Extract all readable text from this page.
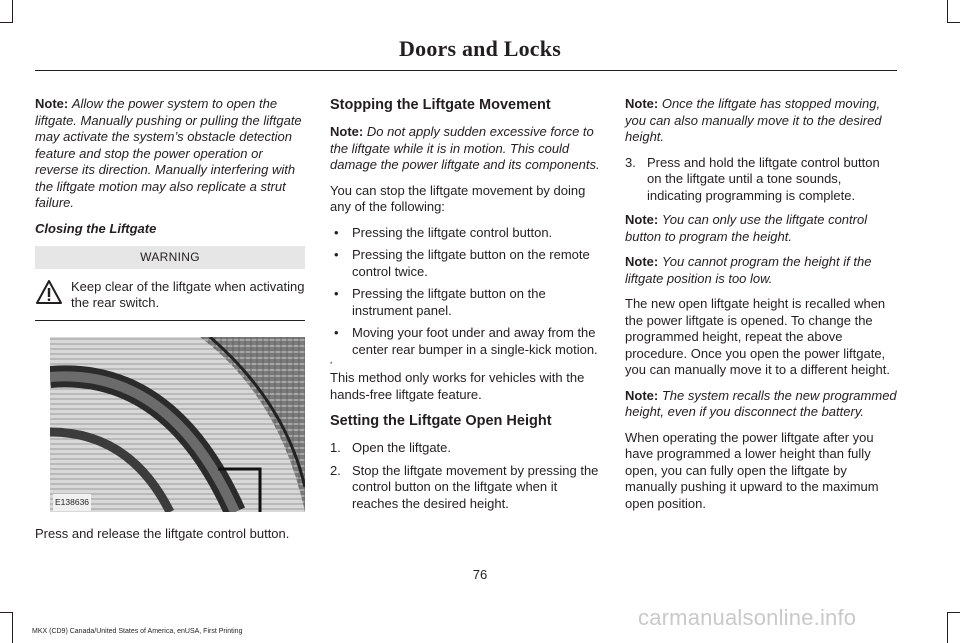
Doors and Locks

Note: Allow the power system to open the liftgate. Manually pushing or pulling the liftgate may activate the system’s obstacle detection feature and stop the power operation or reverse its direction. Manually interfering with the liftgate motion may also replicate a strut failure.

Closing the Liftgate

WARNING
Keep clear of the liftgate when activating the rear switch.
E138636

Press and release the liftgate control button.

Stopping the Liftgate Movement

Note: Do not apply sudden excessive force to the liftgate while it is in motion. This could damage the power liftgate and its components.

You can stop the liftgate movement by doing any of the following:

• Pressing the liftgate control button.
• Pressing the liftgate button on the remote control twice.
• Pressing the liftgate button on the instrument panel.
• Moving your foot under and away from the center rear bumper in a single-kick motion.
*

This method only works for vehicles with the hands-free liftgate feature.

Setting the Liftgate Open Height
1. Open the liftgate.
2. Stop the liftgate movement by pressing the control button on the liftgate when it reaches the desired height.

Note: Once the liftgate has stopped moving, you can also manually move it to the desired height.

3. Press and hold the liftgate control button on the liftgate until a tone sounds, indicating programming is complete.

Note: You can only use the liftgate control button to program the height.

Note: You cannot program the height if the liftgate position is too low.

The new open liftgate height is recalled when the power liftgate is opened. To change the programmed height, repeat the above procedure. Once you open the power liftgate, you can manually move it to a different height.

Note: The system recalls the new programmed height, even if you disconnect the battery.

When operating the power liftgate after you have programmed a lower height than fully open, you can fully open the liftgate by manually pushing it upward to the maximum open position.

76
MKX (CD9) Canada/United States of America, enUSA, First Printing
carmanualsonline.info
